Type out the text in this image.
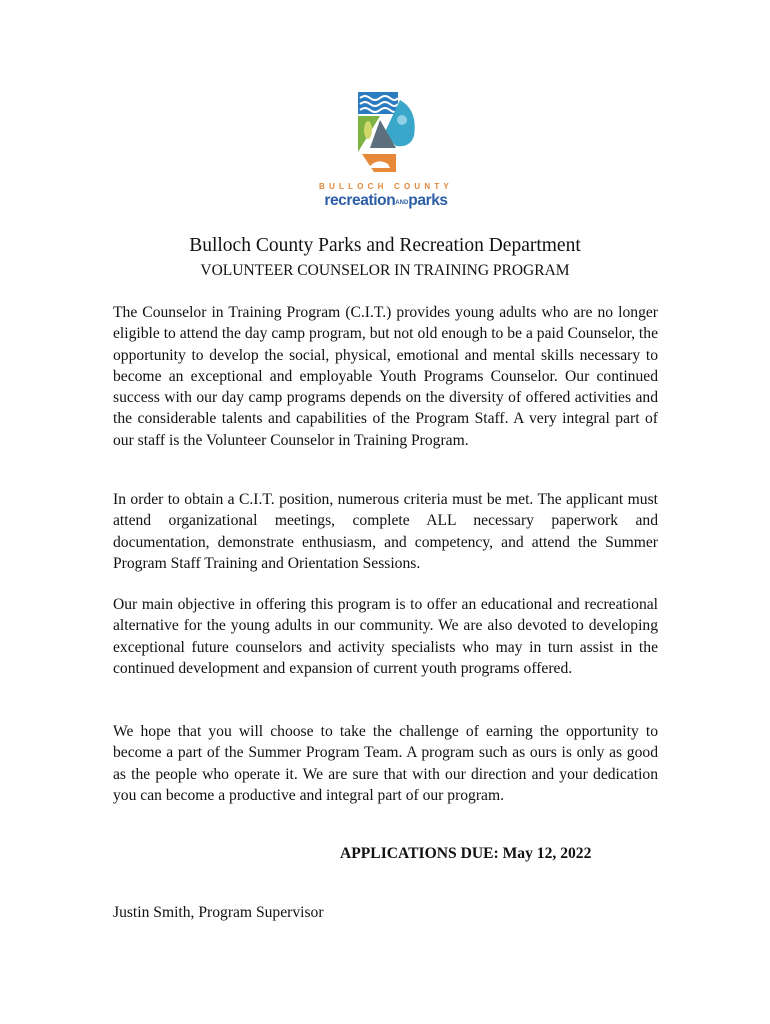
BULLOCH COUNTY
recreationANDparks
Bulloch County Parks and Recreation Department
VOLUNTEER COUNSELOR IN TRAINING PROGRAM

The Counselor in Training Program (C.I.T.) provides young adults who are no longer eligible to attend the day camp program, but not old enough to be a paid Counselor, the opportunity to develop the social, physical, emotional and mental skills necessary to become an exceptional and employable Youth Programs Counselor. Our continued success with our day camp programs depends on the diversity of offered activities and the considerable talents and capabilities of the Program Staff. A very integral part of our staff is the Volunteer Counselor in Training Program.

In order to obtain a C.I.T. position, numerous criteria must be met. The applicant must attend organizational meetings, complete ALL necessary paperwork and documentation, demonstrate enthusiasm, and competency, and attend the Summer Program Staff Training and Orientation Sessions.

Our main objective in offering this program is to offer an educational and recreational alternative for the young adults in our community. We are also devoted to developing exceptional future counselors and activity specialists who may in turn assist in the continued development and expansion of current youth programs offered.

We hope that you will choose to take the challenge of earning the opportunity to become a part of the Summer Program Team. A program such as ours is only as good as the people who operate it. We are sure that with our direction and your dedication you can become a productive and integral part of our program.

APPLICATIONS DUE: May 12, 2022
Justin Smith, Program Supervisor
